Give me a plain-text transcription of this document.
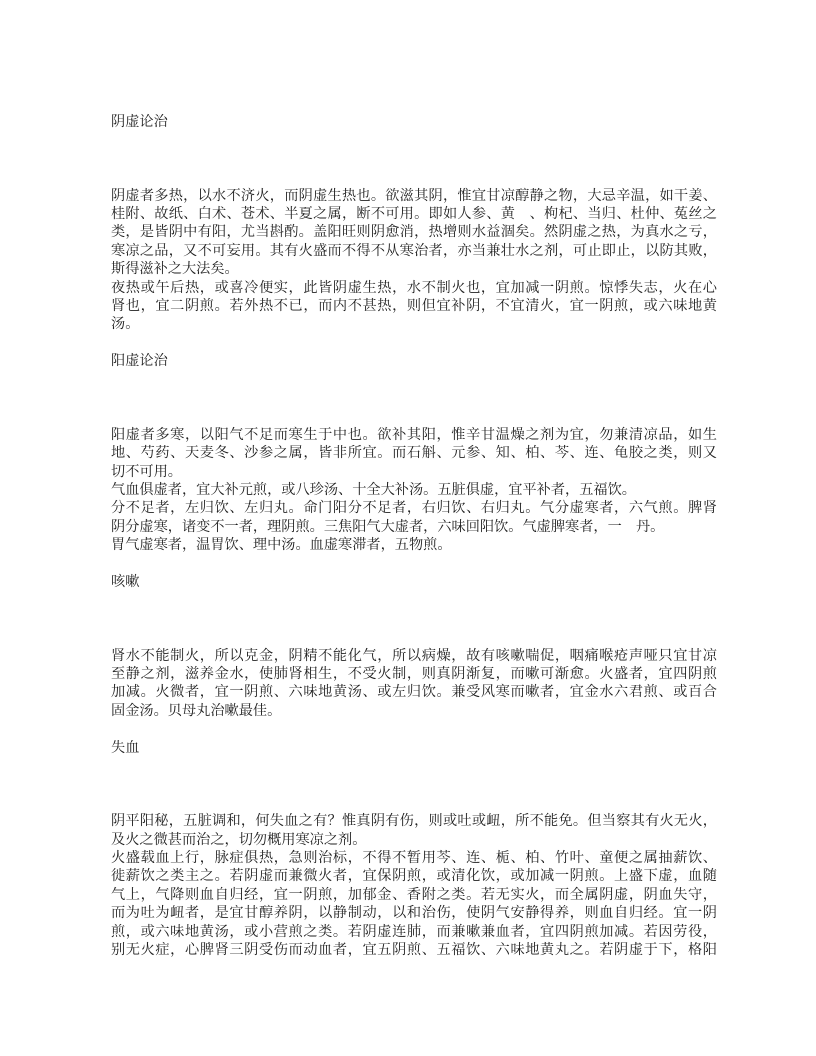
阴虚论治
阴虚者多热，以水不济火，而阴虚生热也。欲滋其阴，惟宜甘凉醇静之物，大忌辛温，如干姜、
桂附、故纸、白术、苍术、半夏之属，断不可用。即如人参、黄　、枸杞、当归、杜仲、菟丝之
类，是皆阴中有阳，尤当斟酌。盖阳旺则阴愈消，热增则水益涸矣。然阴虚之热，为真水之亏，
寒凉之品，又不可妄用。其有火盛而不得不从寒治者，亦当兼壮水之剂，可止即止，以防其败，
斯得滋补之大法矣。
夜热或午后热，或喜冷便实，此皆阴虚生热，水不制火也，宜加减一阴煎。惊悸失志，火在心
肾也，宜二阴煎。若外热不已，而内不甚热，则但宜补阴，不宜清火，宜一阴煎，或六味地黄
汤。
阳虚论治
阳虚者多寒，以阳气不足而寒生于中也。欲补其阳，惟辛甘温燥之剂为宜，勿兼清凉品，如生
地、芍药、天麦冬、沙参之属，皆非所宜。而石斛、元参、知、柏、芩、连、龟胶之类，则又
切不可用。
气血俱虚者，宜大补元煎，或八珍汤、十全大补汤。五脏俱虚，宜平补者，五福饮。
分不足者，左归饮、左归丸。命门阳分不足者，右归饮、右归丸。气分虚寒者，六气煎。脾肾
阴分虚寒，诸变不一者，理阴煎。三焦阳气大虚者，六味回阳饮。气虚脾寒者，一　丹。
胃气虚寒者，温胃饮、理中汤。血虚寒滞者，五物煎。
咳嗽
肾水不能制火，所以克金，阴精不能化气，所以病燥，故有咳嗽喘促，咽痛喉疮声哑只宜甘凉
至静之剂，滋养金水，使肺肾相生，不受火制，则真阴渐复，而嗽可渐愈。火盛者，宜四阴煎
加减。火微者，宜一阴煎、六味地黄汤、或左归饮。兼受风寒而嗽者，宜金水六君煎、或百合
固金汤。贝母丸治嗽最佳。
失血
阴平阳秘，五脏调和，何失血之有？惟真阴有伤，则或吐或衄，所不能免。但当察其有火无火，
及火之微甚而治之，切勿概用寒凉之剂。
火盛载血上行，脉症俱热，急则治标，不得不暂用芩、连、栀、柏、竹叶、童便之属抽薪饮、
徙薪饮之类主之。若阴虚而兼微火者，宜保阴煎，或清化饮，或加减一阴煎。上盛下虚，血随
气上，气降则血自归经，宜一阴煎，加郁金、香附之类。若无实火，而全属阴虚，阴血失守，
而为吐为衄者，是宜甘醇养阴，以静制动，以和治伤，使阴气安静得养，则血自归经。宜一阴
煎，或六味地黄汤，或小营煎之类。若阴虚连肺，而兼嗽兼血者，宜四阴煎加减。若因劳役，
别无火症，心脾肾三阴受伤而动血者，宜五阴煎、五福饮、六味地黄丸之。若阴虚于下，格阳
